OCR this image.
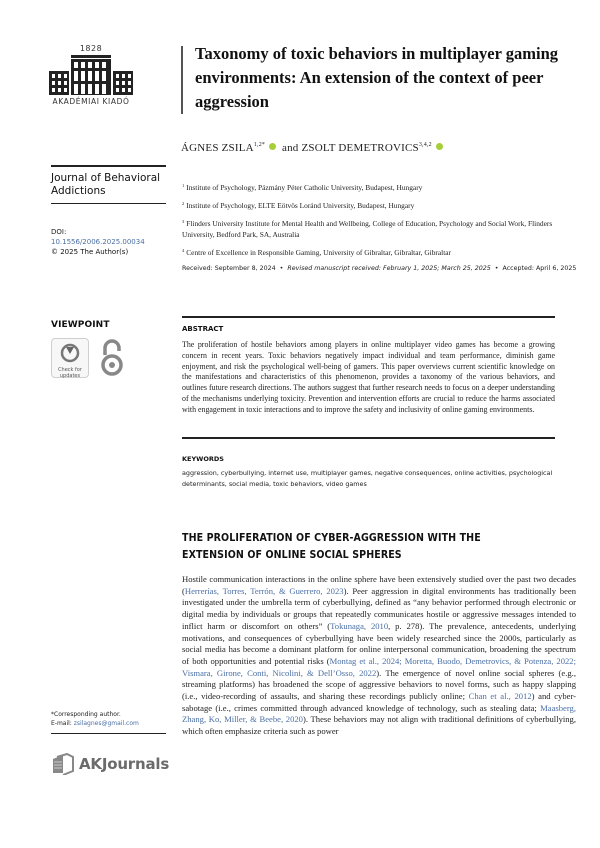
1828
AKADÉMIAI KIADÓ
Journal of Behavioral Addictions
DOI:
10.1556/2006.2025.00034
© 2025 The Author(s)
VIEWPOINT
Check for updates
*Corresponding author.
E-mail: zsilagnes@gmail.com
AKJournals
Taxonomy of toxic behaviors in multiplayer gaming environments: An extension of the context of peer aggression
ÁGNES $ZSILA^{1,2*}$ and ZSOLT DEMETROVICS$^{3,4,2}$

$^1$ Institute of Psychology, Pázmány Péter Catholic University, Budapest, Hungary

$^2$ Institute of Psychology, ELTE Eötvös Loránd University, Budapest, Hungary

$^3$ Flinders University Institute for Mental Health and Wellbeing, College of Education, Psychology and Social Work, Flinders University, Bedford Park, SA, Australia

$^4$ Centre of Excellence in Responsible Gaming, University of Gibraltar, Gibraltar, Gibraltar

Received: September 8, 2024 • Revised manuscript received: February 1, 2025; March 25, 2025 • Accepted: April 6, 2025
ABSTRACT
The proliferation of hostile behaviors among players in online multiplayer video games has become a growing concern in recent years. Toxic behaviors negatively impact individual and team performance, diminish game enjoyment, and risk the psychological well-being of gamers. This paper overviews current scientific knowledge on the manifestations and characteristics of this phenomenon, provides a taxonomy of the various behaviors, and outlines future research directions. The authors suggest that further research needs to focus on a deeper understanding of the mechanisms underlying toxicity. Prevention and intervention efforts are crucial to reduce the harms associated with engagement in toxic interactions and to improve the safety and inclusivity of online gaming environments.
KEYWORDS
aggression, cyberbullying, internet use, multiplayer games, negative consequences, online activities, psychological determinants, social media, toxic behaviors, video games
THE PROLIFERATION OF CYBER-AGGRESSION WITH THE EXTENSION OF ONLINE SOCIAL SPHERES
Hostile communication interactions in the online sphere have been extensively studied over the past two decades (Herrerías, Torres, Terrón, & Guerrero, 2023). Peer aggression in digital environments has traditionally been investigated under the umbrella term of cyberbullying, defined as “any behavior performed through electronic or digital media by individuals or groups that repeatedly communicates hostile or aggressive messages intended to inflict harm or discomfort on others” (Tokunaga, 2010, p. 278). The prevalence, antecedents, underlying motivations, and consequences of cyberbullying have been widely researched since the 2000s, particularly as social media has become a dominant platform for online interpersonal communication, broadening the spectrum of both opportunities and potential risks (Montag et al., 2024; Moretta, Buodo, Demetrovics, & Potenza, 2022; Vismara, Girone, Conti, Nicolini, & Dell’Osso, 2022). The emergence of novel online social spheres (e.g., streaming platforms) has broadened the scope of aggressive behaviors to novel forms, such as happy slapping (i.e., video-recording of assaults, and sharing these recordings publicly online; Chan et al., 2012) and cyber-sabotage (i.e., crimes committed through advanced knowledge of technology, such as stealing data; Maasberg, Zhang, Ko, Miller, & Beebe, 2020). These behaviors may not align with traditional definitions of cyberbullying, which often emphasize criteria such as power
